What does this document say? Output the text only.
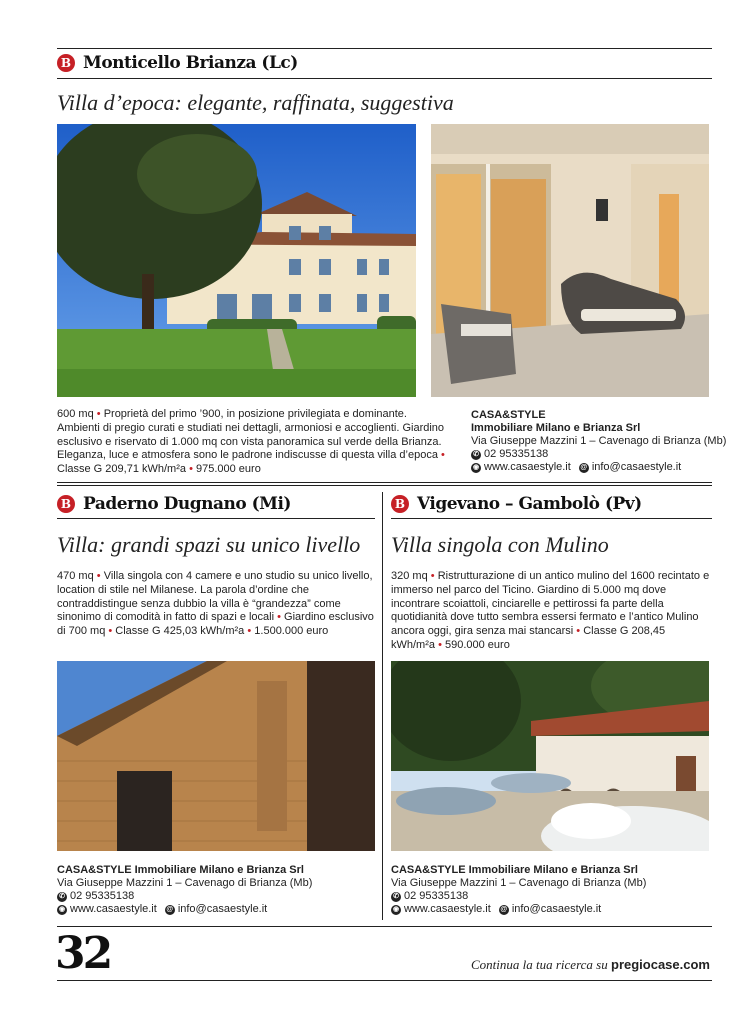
B Monticello Brianza (Lc)
Villa d’epoca: elegante, raffinata, suggestiva
600 mq • Proprietà del primo ’900, in posizione privilegiata e dominante. Ambienti di pregio curati e studiati nei dettagli, armoniosi e accoglienti. Giardino esclusivo e riservato di 1.000 mq con vista panoramica sul verde della Brianza. Eleganza, luce e atmosfera sono le padrone indiscusse di questa villa d’epoca • Classe G 209,71 kWh/m²a • 975.000 euro
CASA&STYLE
Immobiliare Milano e Brianza Srl
Via Giuseppe Mazzini 1 – Cavenago di Brianza (Mb)
✆ 02 95335138
◉ www.casaestyle.it @ info@casaestyle.it
B Paderno Dugnano (Mi)
Villa: grandi spazi su unico livello
B Vigevano – Gambolò (Pv)
Villa singola con Mulino
470 mq • Villa singola con 4 camere e uno studio su unico livello, location di stile nel Milanese. La parola d’ordine che contraddistingue senza dubbio la villa è “grandezza” come sinonimo di comodità in fatto di spazi e locali • Giardino esclusivo di 700 mq • Classe G 425,03 kWh/m²a • 1.500.000 euro
320 mq • Ristrutturazione di un antico mulino del 1600 recintato e immerso nel parco del Ticino. Giardino di 5.000 mq dove incontrare scoiattoli, cinciarelle e pettirossi fa parte della quotidianità dove tutto sembra essersi fermato e l’antico Mulino ancora oggi, gira senza mai stancarsi • Classe G 208,45 kWh/m²a • 590.000 euro
CASA&STYLE Immobiliare Milano e Brianza Srl
Via Giuseppe Mazzini 1 – Cavenago di Brianza (Mb)
✆ 02 95335138
◉ www.casaestyle.it @ info@casaestyle.it
CASA&STYLE Immobiliare Milano e Brianza Srl
Via Giuseppe Mazzini 1 – Cavenago di Brianza (Mb)
✆ 02 95335138
◉ www.casaestyle.it @ info@casaestyle.it
32	Continua la tua ricerca su pregiocase.com
